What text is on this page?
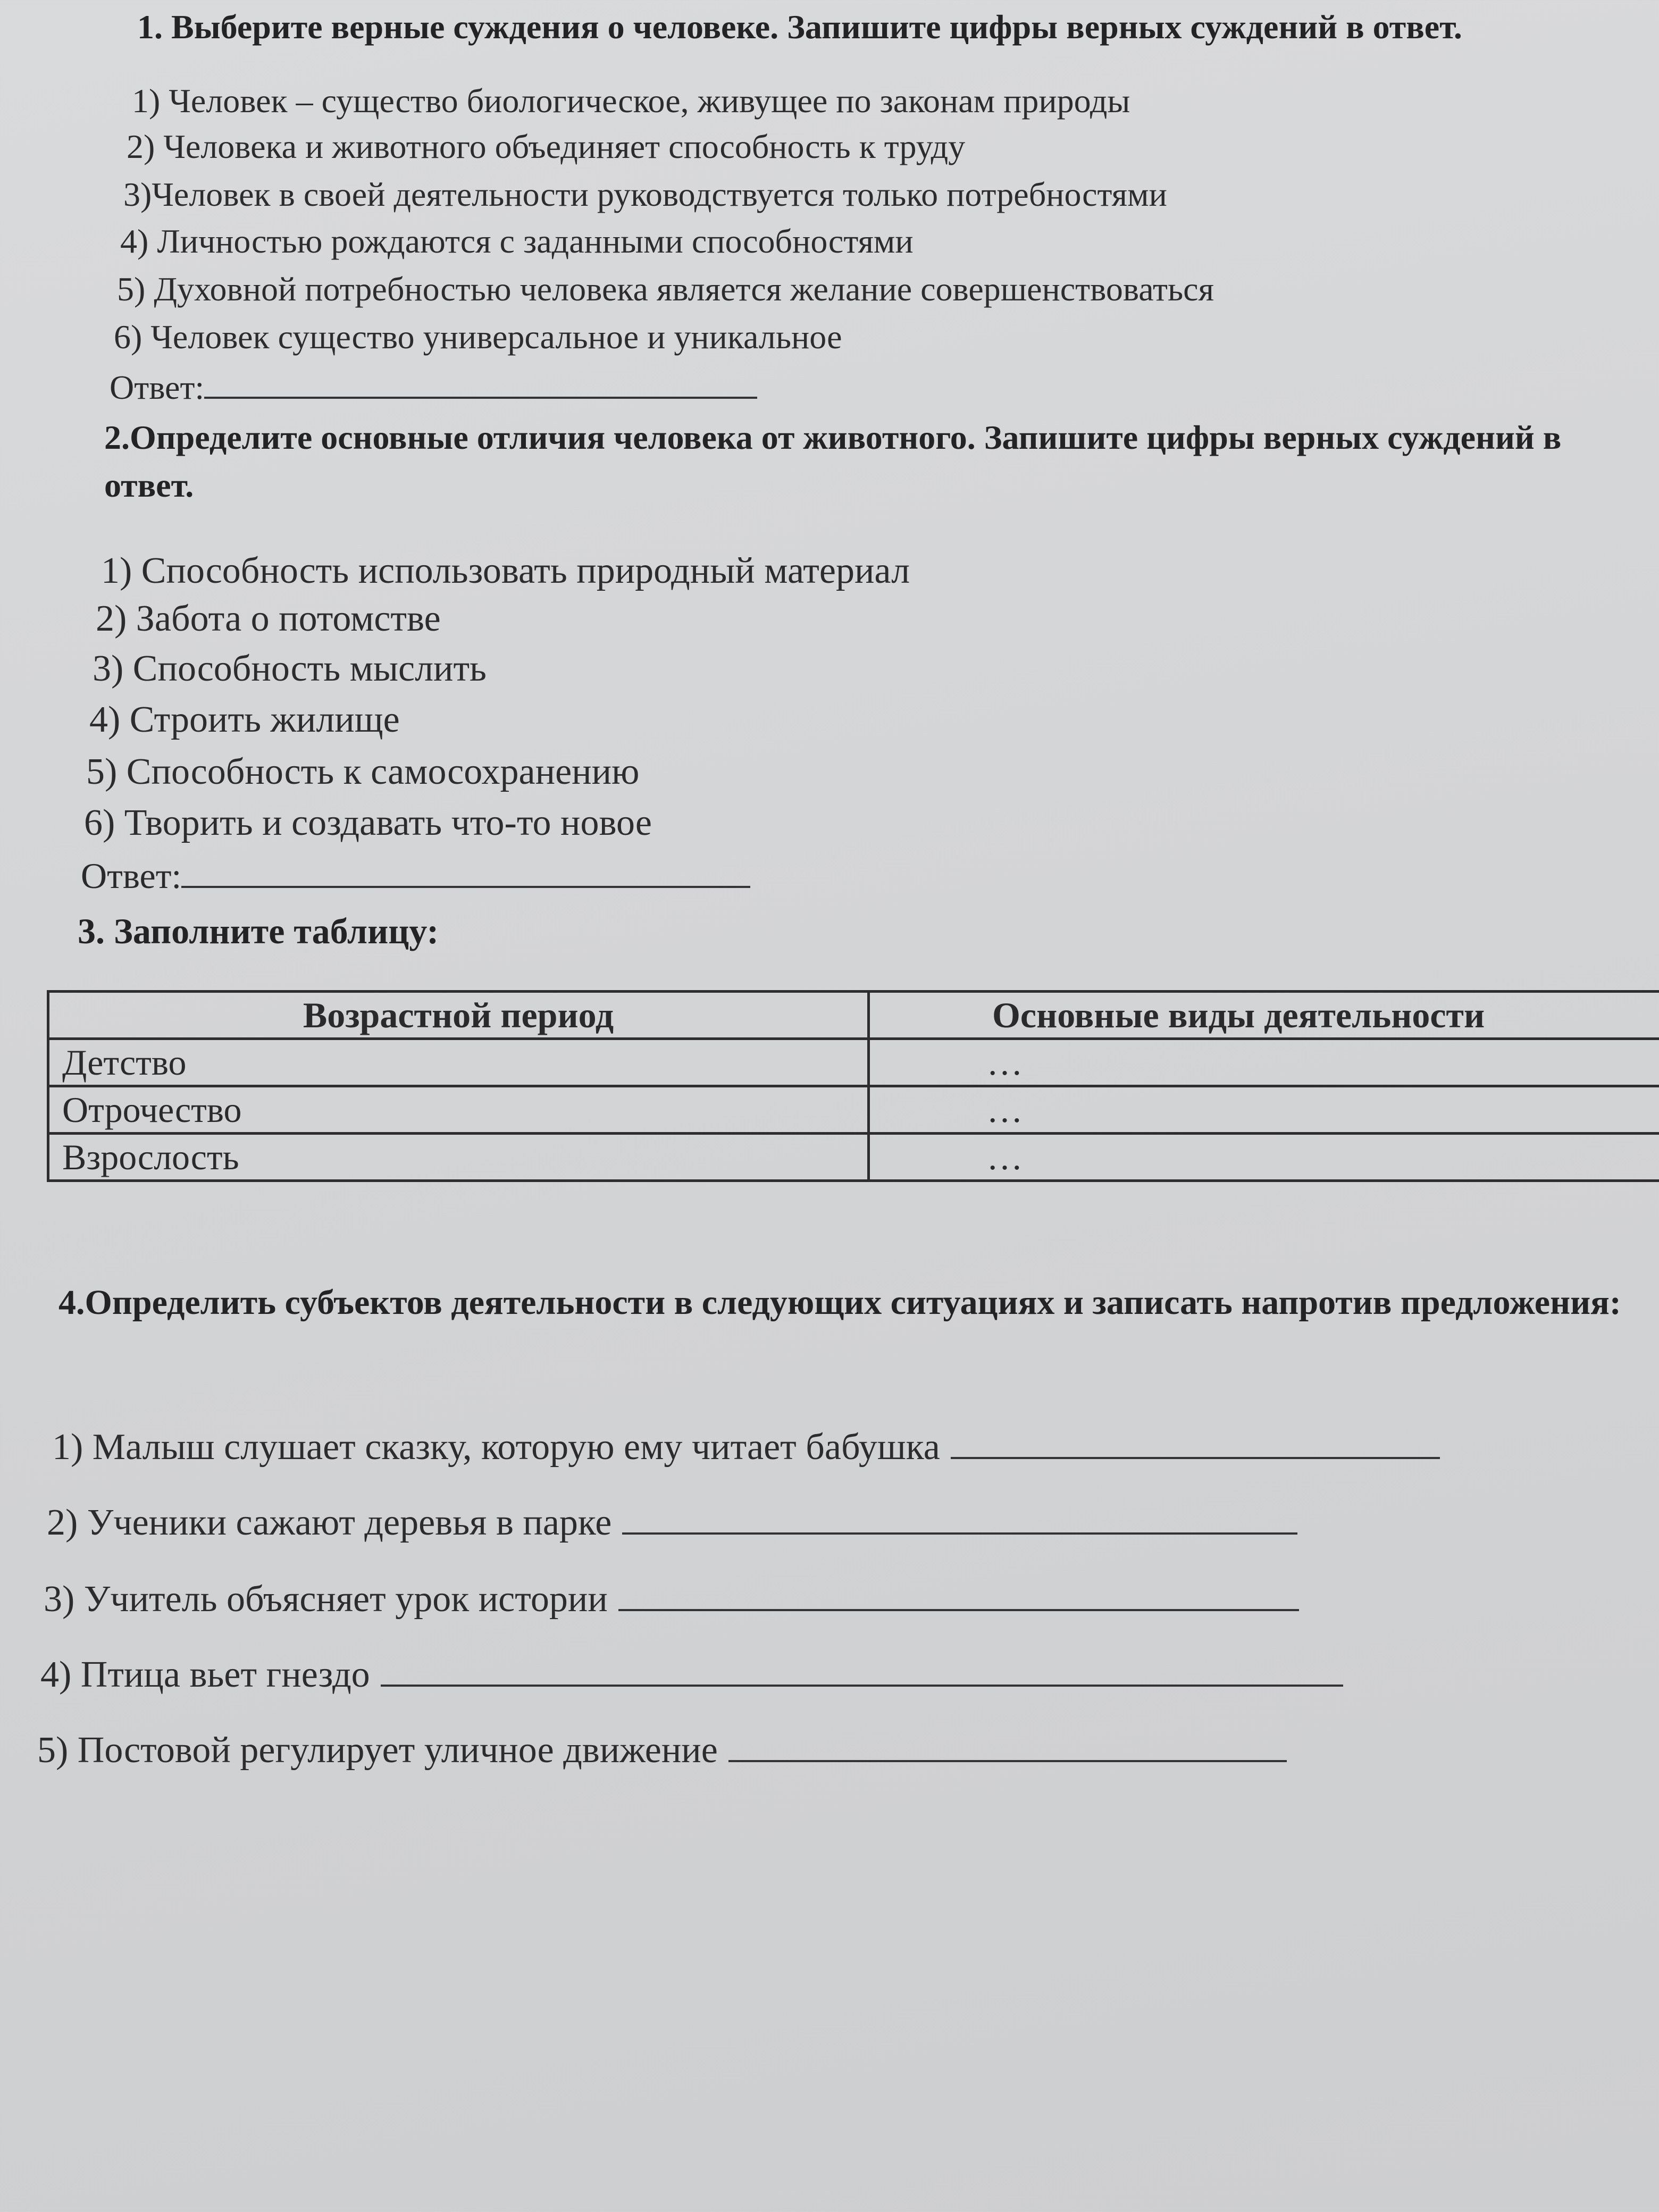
1. Выберите верные суждения о человеке. Запишите цифры верных суждений в ответ.
1) Человек – существо биологическое, живущее по законам природы
2) Человека и животного объединяет способность к труду
3)Человек в своей деятельности руководствуется только потребностями
4) Личностью рождаются с заданными способностями
5) Духовной потребностью человека является желание совершенствоваться
6) Человек существо универсальное и уникальное
Ответ:
2.Определите основные отличия человека от животного. Запишите цифры верных суждений в ответ.
1) Способность использовать природный материал
2) Забота о потомстве
3) Способность мыслить
4) Строить жилище
5) Способность к самосохранению
6) Творить и создавать что-то новое
Ответ:
3. Заполните таблицу:
Возрастной период	Основные виды деятельности
Детство	…
Отрочество	…
Взрослость	…
4.Определить субъектов деятельности в следующих ситуациях и записать напротив предложения:
1) Малыш слушает сказку, которую ему читает бабушка
2) Ученики сажают деревья в парке
3) Учитель объясняет урок истории
4) Птица вьет гнездо
5) Постовой регулирует уличное движение
